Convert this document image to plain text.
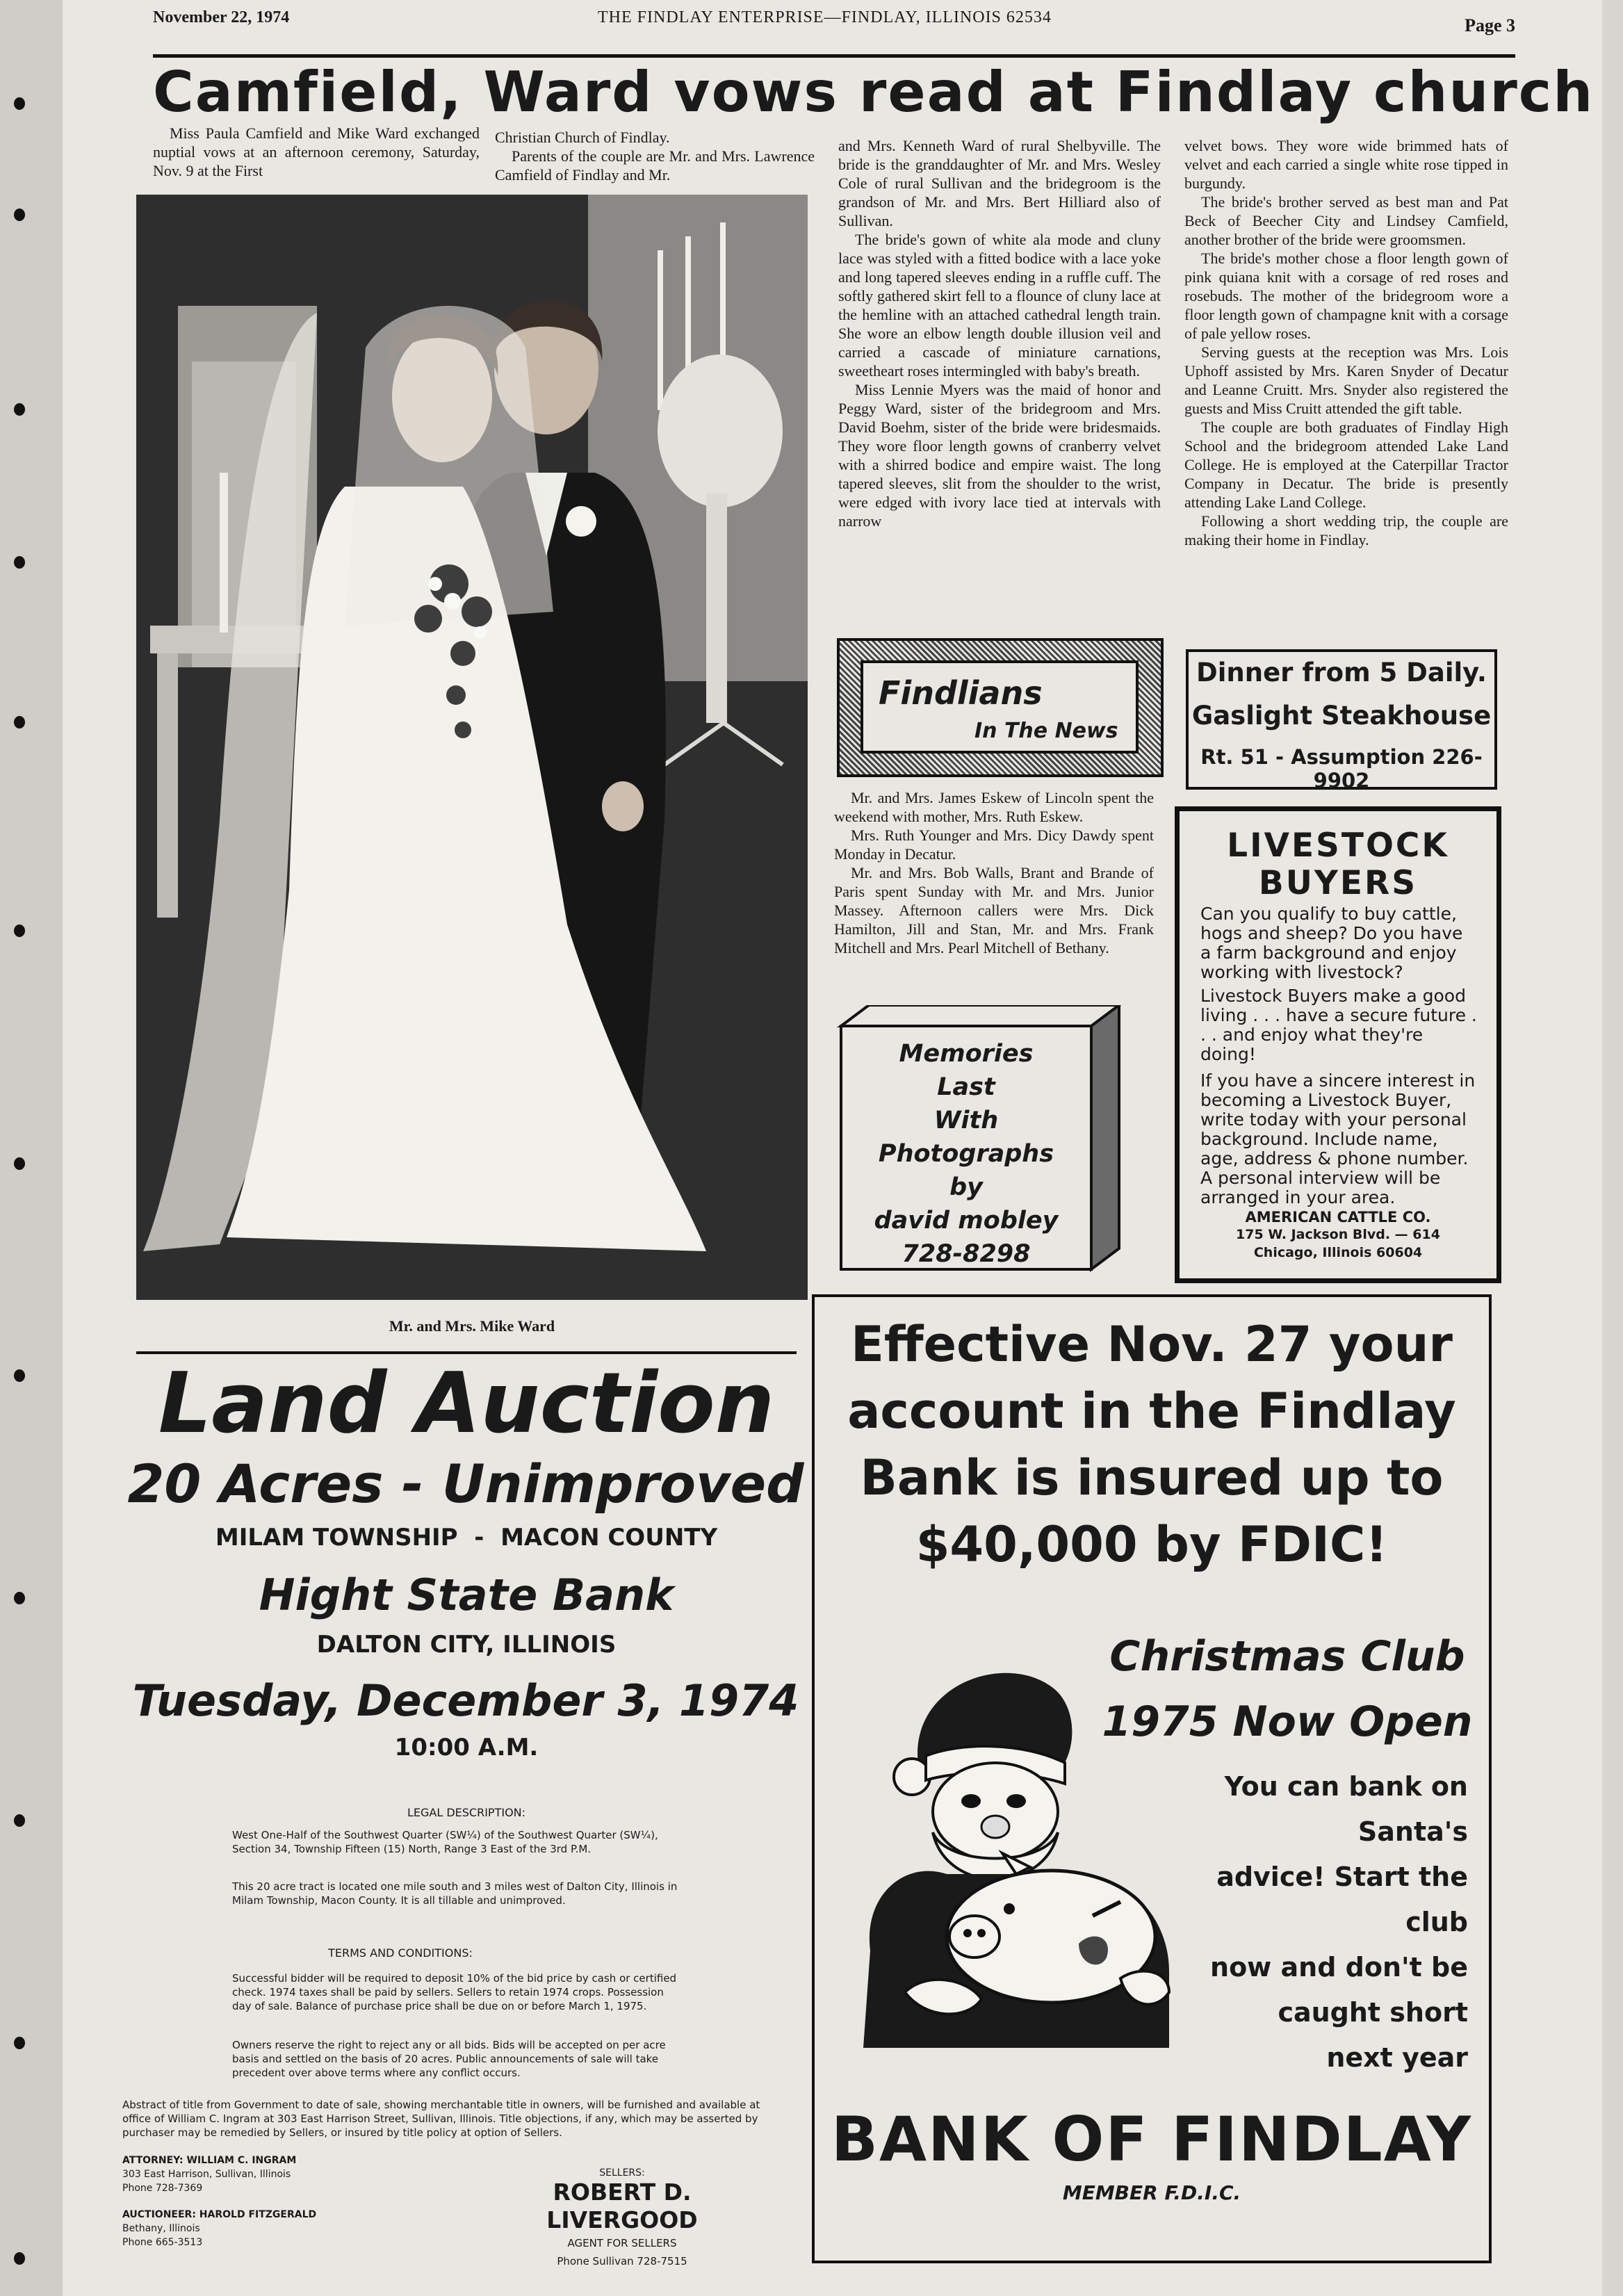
November 22, 1974	THE FINDLAY ENTERPRISE—FINDLAY, ILLINOIS 62534	Page 3
Camfield, Ward vows read at Findlay church

Miss Paula Camfield and Mike Ward exchanged nuptial vows at an afternoon ceremony, Saturday, Nov. 9 at the First

Christian Church of Findlay.

Parents of the couple are Mr. and Mrs. Lawrence Camfield of Findlay and Mr.

and Mrs. Kenneth Ward of rural Shelbyville. The bride is the granddaughter of Mr. and Mrs. Wesley Cole of rural Sullivan and the bridegroom is the grandson of Mr. and Mrs. Bert Hilliard also of Sullivan.

The bride's gown of white ala mode and cluny lace was styled with a fitted bodice with a lace yoke and long tapered sleeves ending in a ruffle cuff. The softly gathered skirt fell to a flounce of cluny lace at the hemline with an attached cathedral length train. She wore an elbow length double illusion veil and carried a cascade of miniature carnations, sweetheart roses intermingled with baby's breath.

Miss Lennie Myers was the maid of honor and Peggy Ward, sister of the bridegroom and Mrs. David Boehm, sister of the bride were bridesmaids. They wore floor length gowns of cranberry velvet with a shirred bodice and empire waist. The long tapered sleeves, slit from the shoulder to the wrist, were edged with ivory lace tied at intervals with narrow

velvet bows. They wore wide brimmed hats of velvet and each carried a single white rose tipped in burgundy.

The bride's brother served as best man and Pat Beck of Beecher City and Lindsey Camfield, another brother of the bride were groomsmen.

The bride's mother chose a floor length gown of pink quiana knit with a corsage of red roses and rosebuds. The mother of the bridegroom wore a floor length gown of champagne knit with a corsage of pale yellow roses.

Serving guests at the reception was Mrs. Lois Uphoff assisted by Mrs. Karen Snyder of Decatur and Leanne Cruitt. Mrs. Snyder also registered the guests and Miss Cruitt attended the gift table.

The couple are both graduates of Findlay High School and the bridegroom attended Lake Land College. He is employed at the Caterpillar Tractor Company in Decatur. The bride is presently attending Lake Land College.

Following a short wedding trip, the couple are making their home in Findlay.

Mr. and Mrs. Mike Ward
Findlians
In The News

Mr. and Mrs. James Eskew of Lincoln spent the weekend with mother, Mrs. Ruth Eskew.

Mrs. Ruth Younger and Mrs. Dicy Dawdy spent Monday in Decatur.

Mr. and Mrs. Bob Walls, Brant and Brande of Paris spent Sunday with Mr. and Mrs. Junior Massey. Afternoon callers were Mrs. Dick Hamilton, Jill and Stan, Mr. and Mrs. Frank Mitchell and Mrs. Pearl Mitchell of Bethany.

Dinner from 5 Daily.
Gaslight Steakhouse
Rt. 51 - Assumption 226-9902
LIVESTOCK
BUYERS
Can you qualify to buy cattle, hogs and sheep? Do you have a farm background and enjoy working with livestock?
Livestock Buyers make a good living . . . have a secure future . . . and enjoy what they're doing!
If you have a sincere interest in becoming a Livestock Buyer, write today with your personal background. Include name, age, address & phone number. A personal interview will be arranged in your area.
AMERICAN CATTLE CO.
175 W. Jackson Blvd. — 614
Chicago, Illinois 60604
Memories
Last
With
Photographs
by
david mobley
728-8298
Land Auction
20 Acres - Unimproved
MILAM TOWNSHIP  -  MACON COUNTY
Hight State Bank
DALTON CITY, ILLINOIS
Tuesday, December 3, 1974
10:00 A.M.
LEGAL DESCRIPTION:
West One-Half of the Southwest Quarter (SW¼) of the Southwest Quarter (SW¼), Section 34, Township Fifteen (15) North, Range 3 East of the 3rd P.M.
This 20 acre tract is located one mile south and 3 miles west of Dalton City, Illinois in Milam Township, Macon County. It is all tillable and unimproved.
TERMS AND CONDITIONS:
Successful bidder will be required to deposit 10% of the bid price by cash or certified check. 1974 taxes shall be paid by sellers. Sellers to retain 1974 crops. Possession day of sale. Balance of purchase price shall be due on or before March 1, 1975.
Owners reserve the right to reject any or all bids. Bids will be accepted on per acre basis and settled on the basis of 20 acres. Public announcements of sale will take precedent over above terms where any conflict occurs.
Abstract of title from Government to date of sale, showing merchantable title in owners, will be furnished and available at office of William C. Ingram at 303 East Harrison Street, Sullivan, Illinois. Title objections, if any, which may be asserted by purchaser may be remedied by Sellers, or insured by title policy at option of Sellers.
ATTORNEY: WILLIAM C. INGRAM
303 East Harrison, Sullivan, Illinois
Phone 728-7369
AUCTIONEER: HAROLD FITZGERALD
Bethany, Illinois
Phone 665-3513
SELLERS:
ROBERT D. LIVERGOOD
AGENT FOR SELLERS
Phone Sullivan 728-7515
Effective Nov. 27 your
account in the Findlay
Bank is insured up to
$40,000 by FDIC!
Christmas Club
1975 Now Open
You can bank on Santa's
advice! Start the club
now and don't be
caught short
next year
BANK OF FINDLAY
MEMBER F.D.I.C.
